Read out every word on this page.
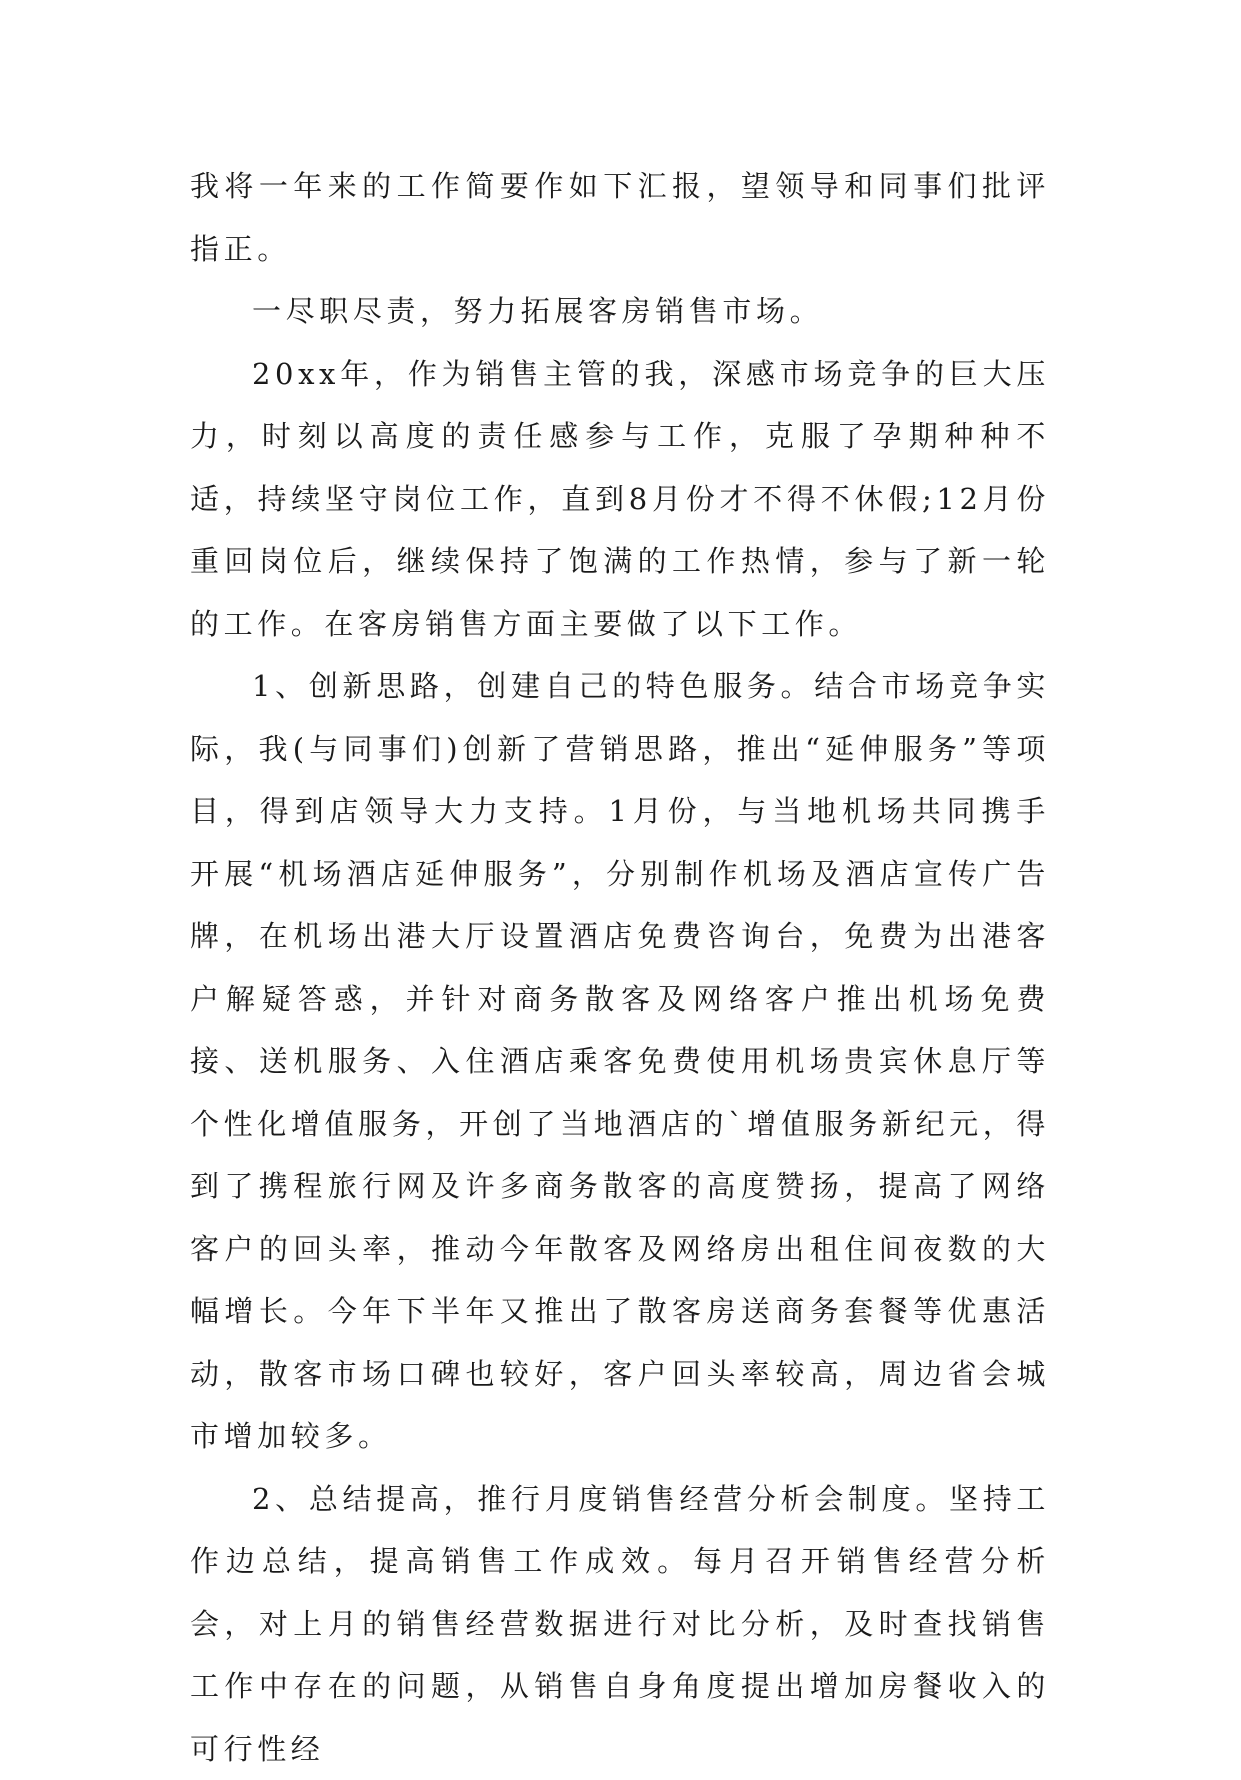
我将一年来的工作简要作如下汇报，望领导和同事们批评指正。

一尽职尽责，努力拓展客房销售市场。

20xx年，作为销售主管的我，深感市场竞争的巨大压力，时刻以高度的责任感参与工作，克服了孕期种种不适，持续坚守岗位工作，直到8月份才不得不休假;12月份重回岗位后，继续保持了饱满的工作热情，参与了新一轮的工作。在客房销售方面主要做了以下工作。

1、创新思路，创建自己的特色服务。结合市场竞争实际，我(与同事们)创新了营销思路，推出“延伸服务”等项目，得到店领导大力支持。1月份，与当地机场共同携手开展“机场酒店延伸服务”，分别制作机场及酒店宣传广告牌，在机场出港大厅设置酒店免费咨询台，免费为出港客户解疑答惑，并针对商务散客及网络客户推出机场免费接、送机服务、入住酒店乘客免费使用机场贵宾休息厅等个性化增值服务，开创了当地酒店的`增值服务新纪元，得到了携程旅行网及许多商务散客的高度赞扬，提高了网络客户的回头率，推动今年散客及网络房出租住间夜数的大幅增长。今年下半年又推出了散客房送商务套餐等优惠活动，散客市场口碑也较好，客户回头率较高，周边省会城市增加较多。

2、总结提高，推行月度销售经营分析会制度。坚持工作边总结，提高销售工作成效。每月召开销售经营分析会，对上月的销售经营数据进行对比分析，及时查找销售工作中存在的问题，从销售自身角度提出增加房餐收入的可行性经
